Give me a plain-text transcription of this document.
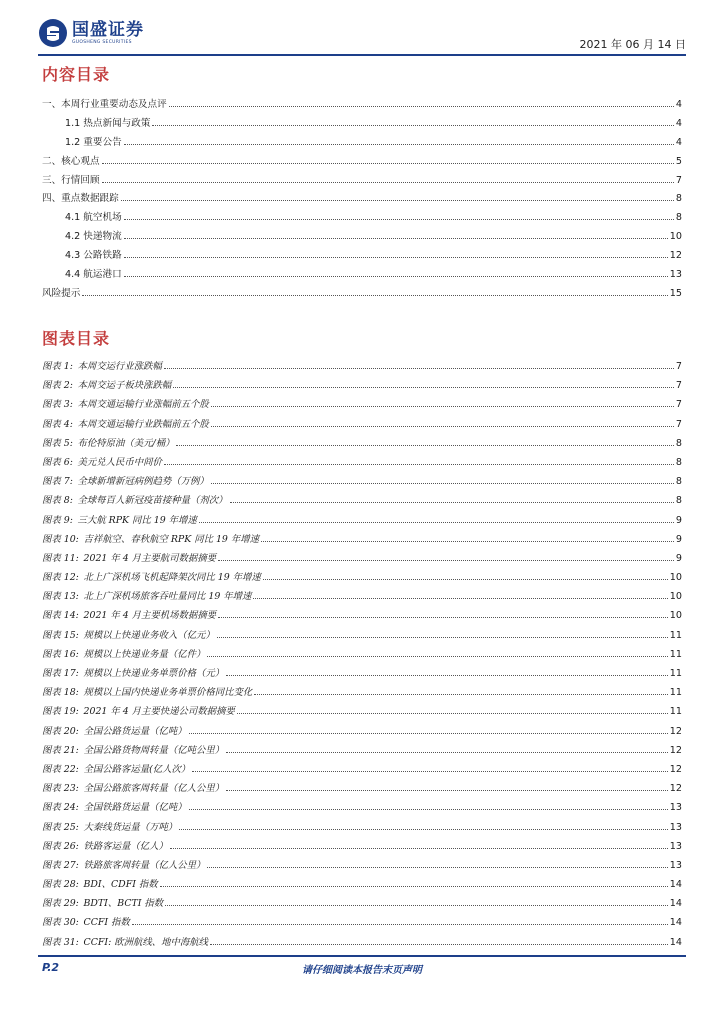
国盛证券
GUOSHENG SECURITIES	2021 年 06 月 14 日
内容目录
一、本周行业重要动态及点评	4
1.1 热点新闻与政策	4
1.2 重要公告	4
二、核心观点	5
三、行情回顾	7
四、重点数据跟踪	8
4.1 航空机场	8
4.2 快递物流	10
4.3 公路铁路	12
4.4 航运港口	13
风险提示	15
图表目录
图表 1:  本周交运行业涨跌幅	7
图表 2:  本周交运子板块涨跌幅	7
图表 3:  本周交通运输行业涨幅前五个股	7
图表 4:  本周交通运输行业跌幅前五个股	7
图表 5:  布伦特原油（美元/桶）	8
图表 6:  美元兑人民币中间价	8
图表 7:  全球新增新冠病例趋势（万例）	8
图表 8:  全球每百人新冠疫苗接种量（剂次）	8
图表 9:  三大航 RPK 同比 19 年增速	9
图表 10:  吉祥航空、春秋航空 RPK 同比 19 年增速	9
图表 11:  2021 年 4 月主要航司数据摘要	9
图表 12:  北上广深机场飞机起降架次同比 19 年增速	10
图表 13:  北上广深机场旅客吞吐量同比 19 年增速	10
图表 14:  2021 年 4 月主要机场数据摘要	10
图表 15:  规模以上快递业务收入（亿元）	11
图表 16:  规模以上快递业务量（亿件）	11
图表 17:  规模以上快递业务单票价格（元）	11
图表 18:  规模以上国内快递业务单票价格同比变化	11
图表 19:  2021 年 4 月主要快递公司数据摘要	11
图表 20:  全国公路货运量（亿吨）	12
图表 21:  全国公路货物周转量（亿吨公里）	12
图表 22:  全国公路客运量(亿人次）	12
图表 23:  全国公路旅客周转量（亿人公里）	12
图表 24:  全国铁路货运量（亿吨）	13
图表 25:  大秦线货运量（万吨）	13
图表 26:  铁路客运量（亿人）	13
图表 27:  铁路旅客周转量（亿人公里）	13
图表 28:  BDI、CDFI 指数	14
图表 29:  BDTI、BCTI 指数	14
图表 30:  CCFI 指数	14
图表 31:  CCFI: 欧洲航线、地中海航线	14
P.2	请仔细阅读本报告末页声明
